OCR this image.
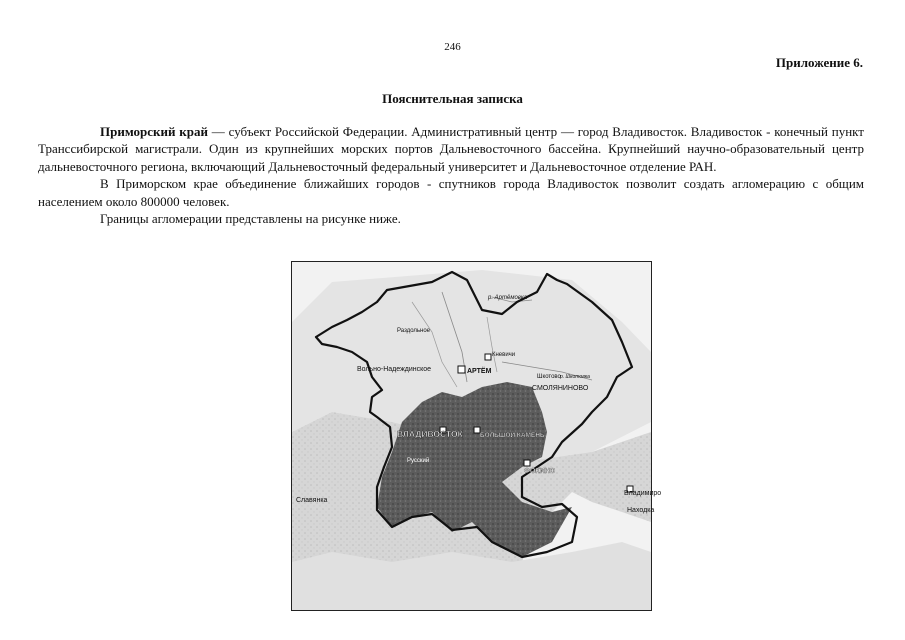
246
Приложение 6.
Пояснительная записка

Приморский край — субъект Российской Федерации. Административный центр — город Владивосток. Владивосток - конечный пункт Транссибирской магистрали. Один из крупнейших морских портов Дальневосточного бассейна. Крупнейший научно-образовательный центр дальневосточного региона, включающий Дальневосточный федеральный университет и Дальневосточное отделение РАН.

В Приморском крае объединение ближайших городов - спутников города Владивосток позволит создать агломерацию с общим населением около 800000 человек.

Границы агломерации представлены на рисунке ниже.

р. Артёмовка
Раздольное
Кневичи
Вольно-Надеждинское	АРТЁМ
Шкотово р. Шкотовка
СМОЛЯНИНОВО
ВЛАДИВОСТОК	БОЛЬШОЙ КАМЕНЬ
Русский
ФОКИНО
Славянка
Владимиро
Находка
